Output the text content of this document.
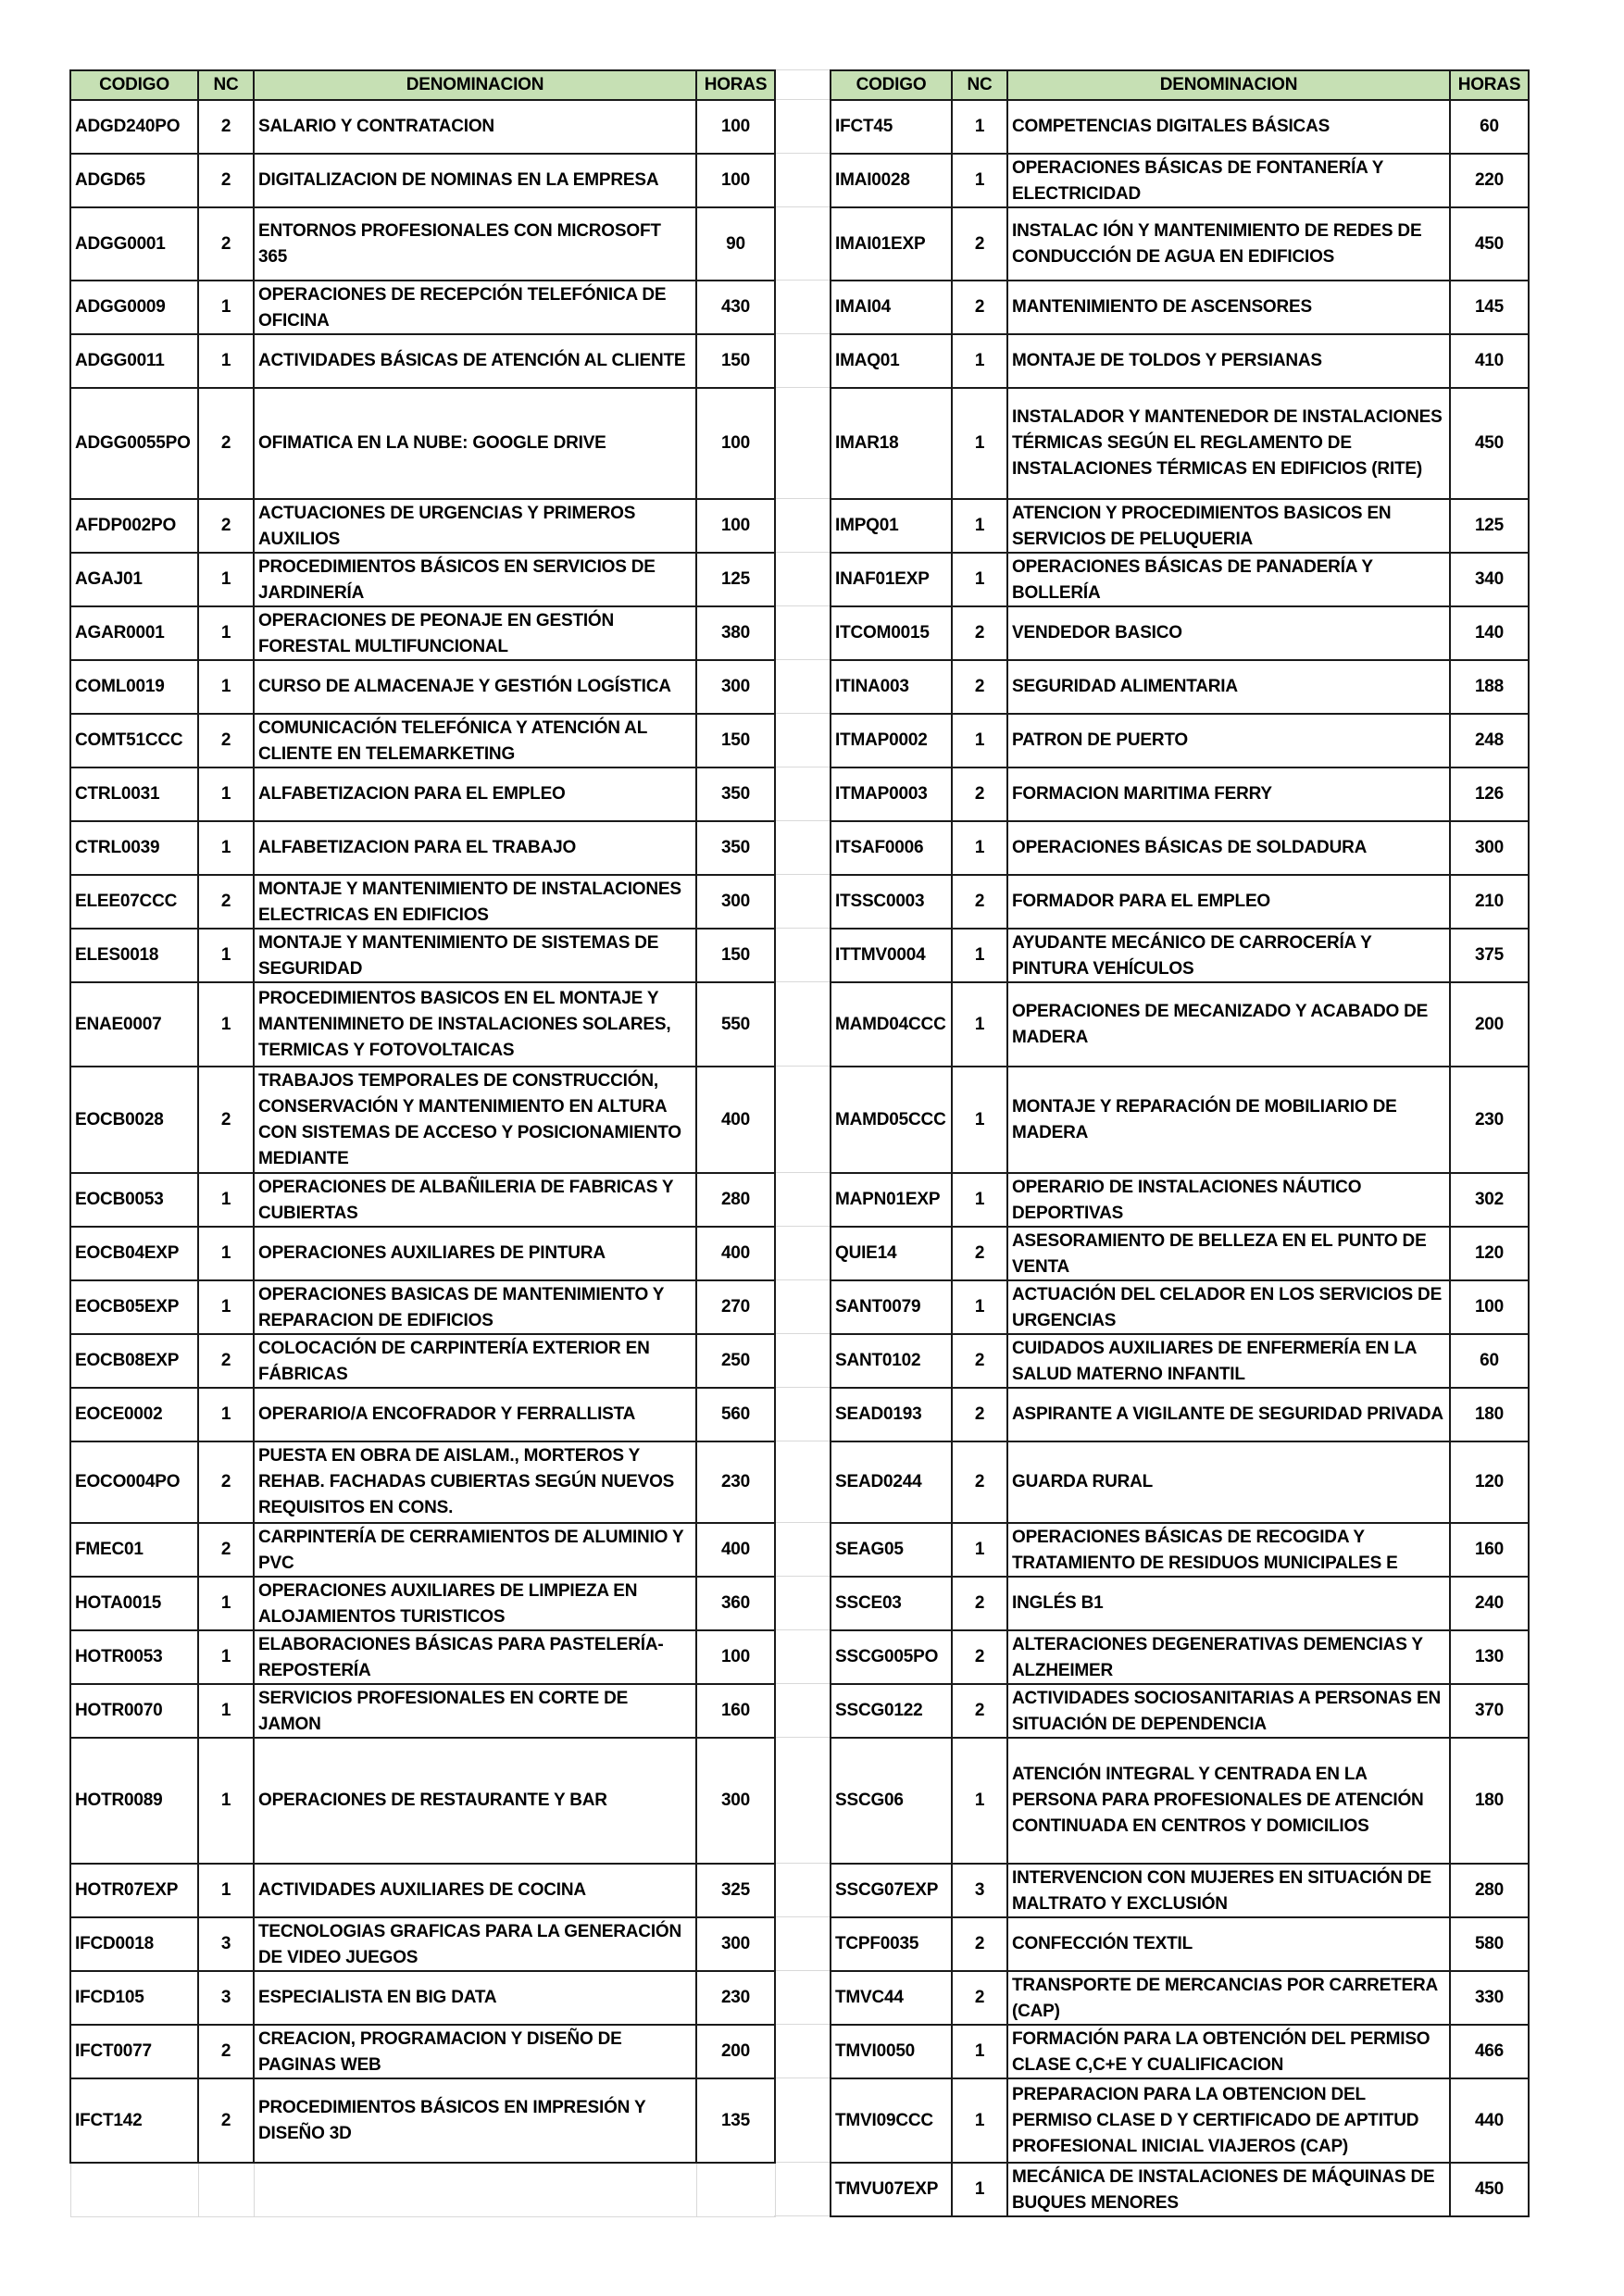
CODIGO	NC	DENOMINACION	HORAS

ADGD240PO	2	SALARIO Y CONTRATACION	100

ADGD65	2	DIGITALIZACION DE NOMINAS EN LA EMPRESA	100

ADGG0001	2	ENTORNOS PROFESIONALES CON MICROSOFT 365	90

ADGG0009	1	OPERACIONES DE RECEPCIÓN TELEFÓNICA DE OFICINA	430

ADGG0011	1	ACTIVIDADES BÁSICAS DE ATENCIÓN AL CLIENTE	150

ADGG0055PO	2	OFIMATICA EN LA NUBE: GOOGLE DRIVE	100

AFDP002PO	2	ACTUACIONES DE URGENCIAS Y PRIMEROS AUXILIOS	100

AGAJ01	1	PROCEDIMIENTOS BÁSICOS EN SERVICIOS DE JARDINERÍA	125

AGAR0001	1	OPERACIONES DE PEONAJE EN GESTIÓN FORESTAL MULTIFUNCIONAL	380

COML0019	1	CURSO DE ALMACENAJE Y GESTIÓN LOGÍSTICA	300

COMT51CCC	2	COMUNICACIÓN TELEFÓNICA Y ATENCIÓN AL CLIENTE EN TELEMARKETING	150

CTRL0031	1	ALFABETIZACION PARA EL EMPLEO	350

CTRL0039	1	ALFABETIZACION PARA EL TRABAJO	350

ELEE07CCC	2	MONTAJE Y MANTENIMIENTO DE INSTALACIONES ELECTRICAS EN EDIFICIOS	300

ELES0018	1	MONTAJE Y MANTENIMIENTO DE SISTEMAS DE SEGURIDAD	150

ENAE0007	1	PROCEDIMIENTOS BASICOS EN EL MONTAJE Y MANTENIMINETO DE INSTALACIONES SOLARES, TERMICAS Y FOTOVOLTAICAS	550

EOCB0028	2	TRABAJOS TEMPORALES DE CONSTRUCCIÓN, CONSERVACIÓN Y MANTENIMIENTO EN ALTURA CON SISTEMAS DE ACCESO Y POSICIONAMIENTO MEDIANTE	400

EOCB0053	1	OPERACIONES DE ALBAÑILERIA DE FABRICAS Y CUBIERTAS	280

EOCB04EXP	1	OPERACIONES AUXILIARES DE PINTURA	400

EOCB05EXP	1	OPERACIONES BASICAS DE MANTENIMIENTO Y REPARACION DE EDIFICIOS	270

EOCB08EXP	2	COLOCACIÓN DE CARPINTERÍA EXTERIOR EN FÁBRICAS	250

EOCE0002	1	OPERARIO/A ENCOFRADOR Y FERRALLISTA	560

EOCO004PO	2	PUESTA EN OBRA DE AISLAM., MORTEROS Y REHAB. FACHADAS CUBIERTAS SEGÚN NUEVOS REQUISITOS EN CONS.	230

FMEC01	2	CARPINTERÍA DE CERRAMIENTOS DE ALUMINIO Y PVC	400

HOTA0015	1	OPERACIONES AUXILIARES DE LIMPIEZA EN ALOJAMIENTOS TURISTICOS	360

HOTR0053	1	ELABORACIONES BÁSICAS PARA PASTELERÍA-REPOSTERÍA	100

HOTR0070	1	SERVICIOS PROFESIONALES EN CORTE DE JAMON	160

HOTR0089	1	OPERACIONES DE RESTAURANTE Y BAR	300

HOTR07EXP	1	ACTIVIDADES AUXILIARES DE COCINA	325

IFCD0018	3	TECNOLOGIAS GRAFICAS PARA LA GENERACIÓN DE VIDEO JUEGOS	300

IFCD105	3	ESPECIALISTA EN BIG DATA	230

IFCT0077	2	CREACION, PROGRAMACION Y DISEÑO DE PAGINAS WEB	200

IFCT142	2	PROCEDIMIENTOS BÁSICOS EN IMPRESIÓN Y DISEÑO 3D	135

CODIGO	NC	DENOMINACION	HORAS

IFCT45	1	COMPETENCIAS DIGITALES BÁSICAS	60

IMAI0028	1	OPERACIONES BÁSICAS DE FONTANERÍA Y ELECTRICIDAD	220

IMAI01EXP	2	INSTALAC IÓN Y MANTENIMIENTO DE REDES DE CONDUCCIÓN DE AGUA EN EDIFICIOS	450

IMAI04	2	MANTENIMIENTO DE ASCENSORES	145

IMAQ01	1	MONTAJE DE TOLDOS Y PERSIANAS	410

IMAR18	1	INSTALADOR Y MANTENEDOR DE INSTALACIONES TÉRMICAS SEGÚN EL REGLAMENTO DE INSTALACIONES TÉRMICAS EN EDIFICIOS (RITE)	450

IMPQ01	1	ATENCION Y PROCEDIMIENTOS BASICOS EN SERVICIOS DE PELUQUERIA	125

INAF01EXP	1	OPERACIONES BÁSICAS DE PANADERÍA Y BOLLERÍA	340

ITCOM0015	2	VENDEDOR BASICO	140

ITINA003	2	SEGURIDAD ALIMENTARIA	188

ITMAP0002	1	PATRON DE PUERTO	248

ITMAP0003	2	FORMACION MARITIMA FERRY	126

ITSAF0006	1	OPERACIONES BÁSICAS DE SOLDADURA	300

ITSSC0003	2	FORMADOR PARA EL EMPLEO	210

ITTMV0004	1	AYUDANTE MECÁNICO DE CARROCERÍA Y PINTURA VEHÍCULOS	375

MAMD04CCC	1	OPERACIONES DE MECANIZADO Y ACABADO DE MADERA	200

MAMD05CCC	1	MONTAJE Y REPARACIÓN DE MOBILIARIO DE MADERA	230

MAPN01EXP	1	OPERARIO DE INSTALACIONES NÁUTICO DEPORTIVAS	302

QUIE14	2	ASESORAMIENTO DE BELLEZA EN EL PUNTO DE VENTA	120

SANT0079	1	ACTUACIÓN DEL CELADOR EN LOS SERVICIOS DE URGENCIAS	100

SANT0102	2	CUIDADOS AUXILIARES DE ENFERMERÍA EN LA SALUD MATERNO INFANTIL	60

SEAD0193	2	ASPIRANTE A VIGILANTE DE SEGURIDAD PRIVADA	180

SEAD0244	2	GUARDA RURAL	120

SEAG05	1	OPERACIONES BÁSICAS DE RECOGIDA Y TRATAMIENTO DE RESIDUOS MUNICIPALES E	160

SSCE03	2	INGLÉS B1	240

SSCG005PO	2	ALTERACIONES DEGENERATIVAS DEMENCIAS Y ALZHEIMER	130

SSCG0122	2	ACTIVIDADES SOCIOSANITARIAS A PERSONAS EN SITUACIÓN DE DEPENDENCIA	370

SSCG06	1	ATENCIÓN INTEGRAL Y CENTRADA EN LA PERSONA PARA PROFESIONALES DE ATENCIÓN CONTINUADA EN CENTROS Y DOMICILIOS	180

SSCG07EXP	3	INTERVENCION CON MUJERES EN SITUACIÓN DE MALTRATO Y EXCLUSIÓN	280

TCPF0035	2	CONFECCIÓN TEXTIL	580

TMVC44	2	TRANSPORTE DE MERCANCIAS POR CARRETERA (CAP)	330

TMVI0050	1	FORMACIÓN PARA LA OBTENCIÓN DEL PERMISO CLASE C,C+E Y CUALIFICACION	466

TMVI09CCC	1	PREPARACION PARA LA OBTENCION DEL PERMISO CLASE D Y CERTIFICADO DE APTITUD PROFESIONAL INICIAL VIAJEROS (CAP)	440

TMVU07EXP	1	MECÁNICA DE INSTALACIONES DE MÁQUINAS DE BUQUES MENORES	450
